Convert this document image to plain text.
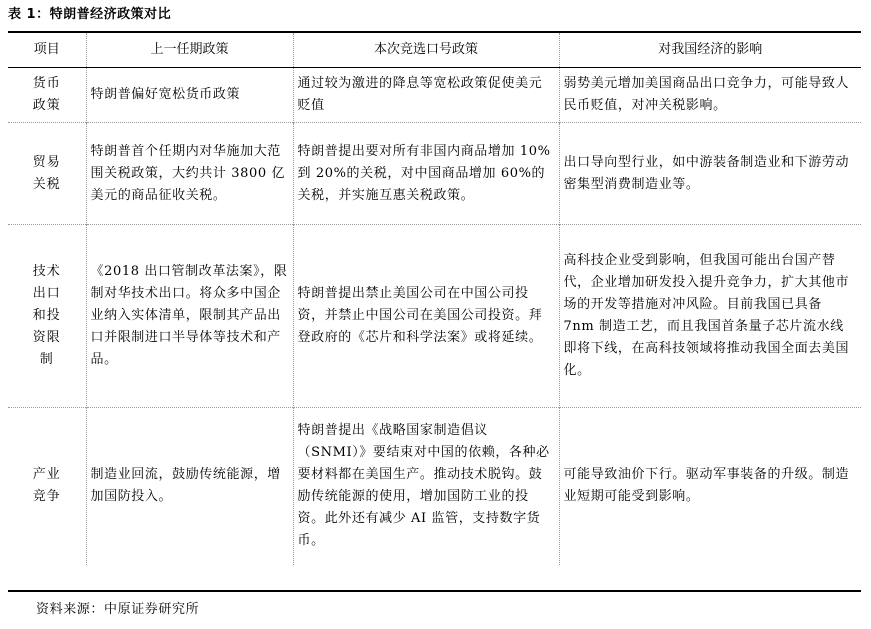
表 1：特朗普经济政策对比
项目	上一任期政策	本次竞选口号政策	对我国经济的影响

货币
政策	特朗普偏好宽松货币政策	通过较为激进的降息等宽松政策促使美元贬值	弱势美元增加美国商品出口竞争力，可能导致人民币贬值，对冲关税影响。

贸易
关税	特朗普首个任期内对华施加大范围关税政策，大约共计 3800 亿美元的商品征收关税。	特朗普提出要对所有非国内商品增加 10%到 20%的关税，对中国商品增加 60%的关税，并实施互惠关税政策。	出口导向型行业，如中游装备制造业和下游劳动密集型消费制造业等。

技术
出口
和投
资限
制	《2018 出口管制改革法案》，限制对华技术出口。将众多中国企业纳入实体清单，限制其产品出口并限制进口半导体等技术和产品。	特朗普提出禁止美国公司在中国公司投资，并禁止中国公司在美国公司投资。拜登政府的《芯片和科学法案》或将延续。	高科技企业受到影响，但我国可能出台国产替代，企业增加研发投入提升竞争力，扩大其他市场的开发等措施对冲风险。目前我国已具备 7nm 制造工艺，而且我国首条量子芯片流水线即将下线，在高科技领域将推动我国全面去美国化。

产业
竞争	制造业回流，鼓励传统能源，增加国防投入。	特朗普提出《战略国家制造倡议（SNMI）》要结束对中国的依赖，各种必要材料都在美国生产。推动技术脱钩。鼓励传统能源的使用，增加国防工业的投资。此外还有减少 AI 监管，支持数字货币。	可能导致油价下行。驱动军事装备的升级。制造业短期可能受到影响。
资料来源：中原证券研究所
